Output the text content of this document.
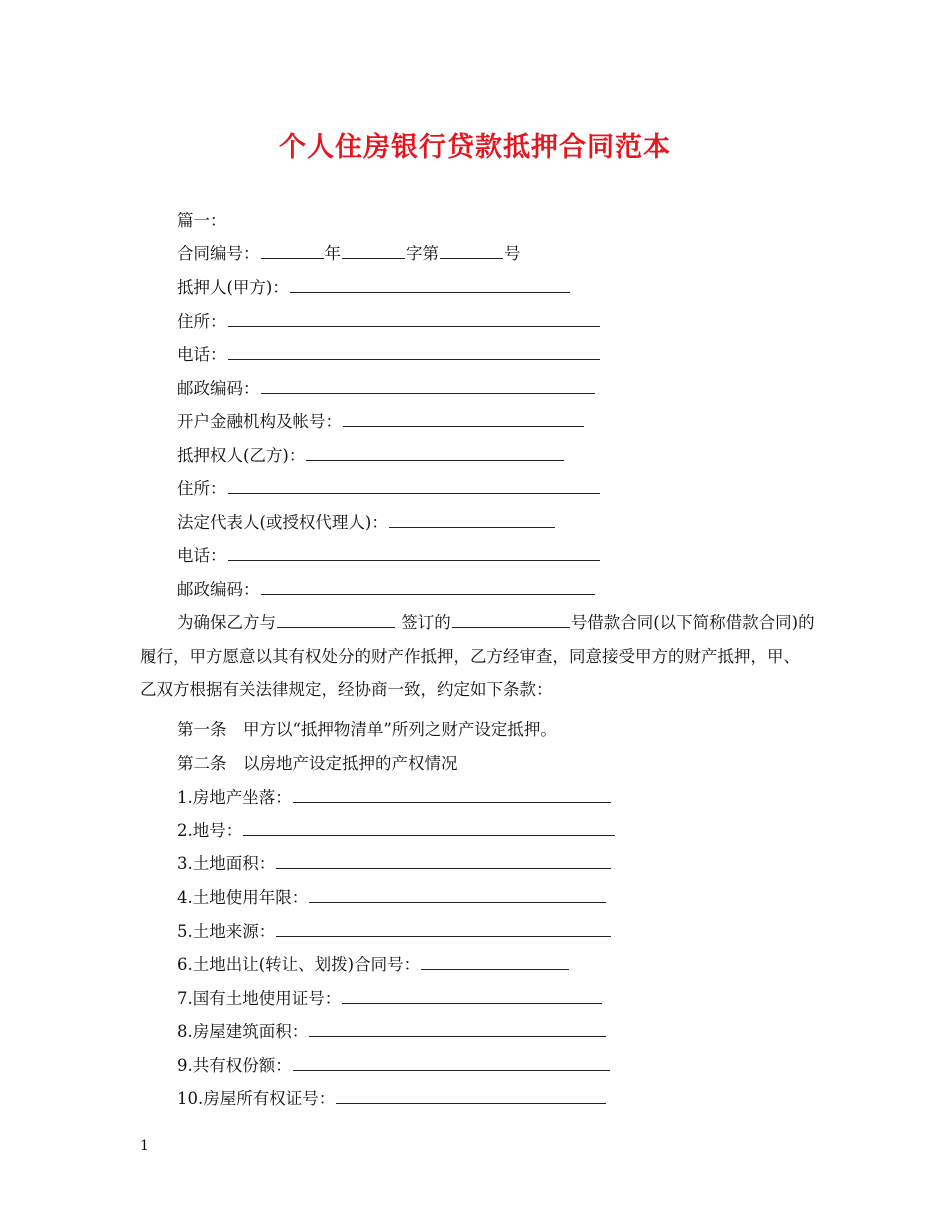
个人住房银行贷款抵押合同范本
篇一：
合同编号：	年	字第	号
抵押人(甲方)：
住所：
电话：
邮政编码：
开户金融机构及帐号：
抵押权人(乙方)：
住所：
法定代表人(或授权代理人)：
电话：
邮政编码：
为确保乙方与	签订的	号借款合同(以下简称借款合同)的履行，甲方愿意以其有权处分的财产作抵押，乙方经审查，同意接受甲方的财产抵押，甲、乙双方根据有关法律规定，经协商一致，约定如下条款：
第一条　甲方以“抵押物清单”所列之财产设定抵押。
第二条　以房地产设定抵押的产权情况
1.房地产坐落：
2.地号：
3.土地面积：
4.土地使用年限：
5.土地来源：
6.土地出让(转让、划拨)合同号：
7.国有土地使用证号：
8.房屋建筑面积：
9.共有权份额：
10.房屋所有权证号：
1
